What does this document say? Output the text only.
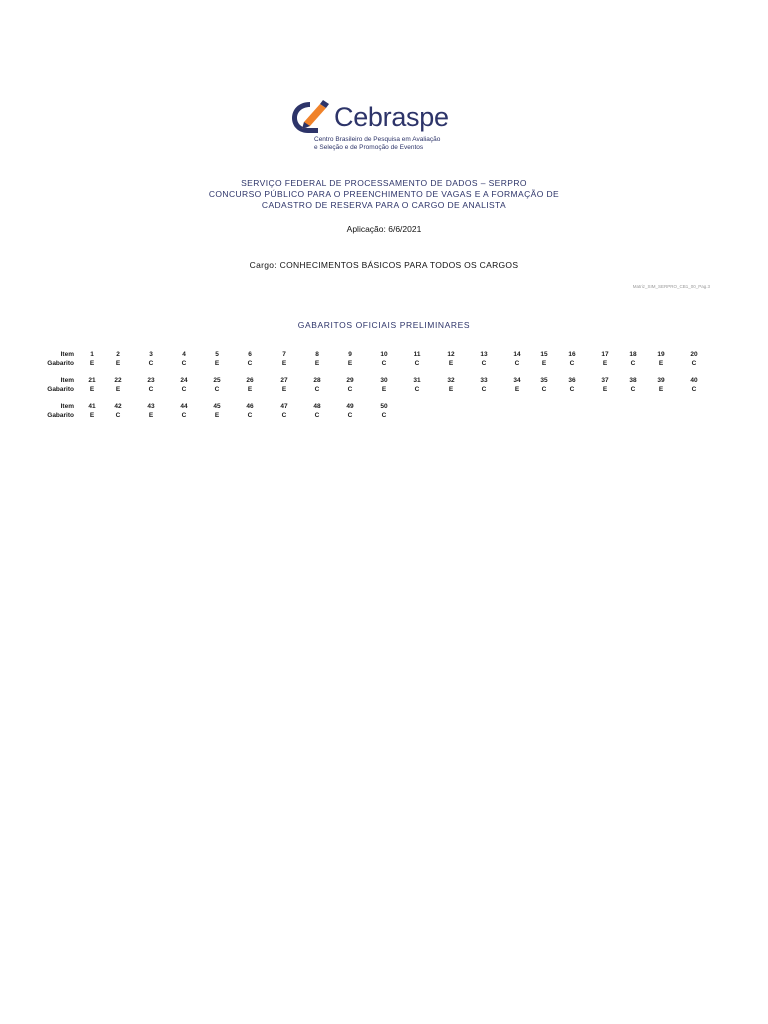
Cebraspe
Centro Brasileiro de Pesquisa em Avaliação
e Seleção e de Promoção de Eventos
SERVIÇO FEDERAL DE PROCESSAMENTO DE DADOS – SERPRO
CONCURSO PÚBLICO PARA O PREENCHIMENTO DE VAGAS E A FORMAÇÃO DE
CADASTRO DE RESERVA PARA O CARGO DE ANALISTA
Aplicação: 6/6/2021
Cargo: CONHECIMENTOS BÁSICOS PARA TODOS OS CARGOS
Matriz_SIM_SERPRO_CB1_00_Pag.3
GABARITOS OFICIAIS PRELIMINARES
Item	1	2	3	4	5	6	7	8	9	10	11	12	13	14	15	16	17	18	19	20
Gabarito	E	E	C	C	E	C	E	E	E	C	C	E	C	C	E	C	E	C	E	C
Item	21	22	23	24	25	26	27	28	29	30	31	32	33	34	35	36	37	38	39	40
Gabarito	E	E	C	C	C	E	E	C	C	E	C	E	C	E	C	C	E	C	E	C
Item	41	42	43	44	45	46	47	48	49	50
Gabarito	E	C	E	C	E	C	C	C	C	C
